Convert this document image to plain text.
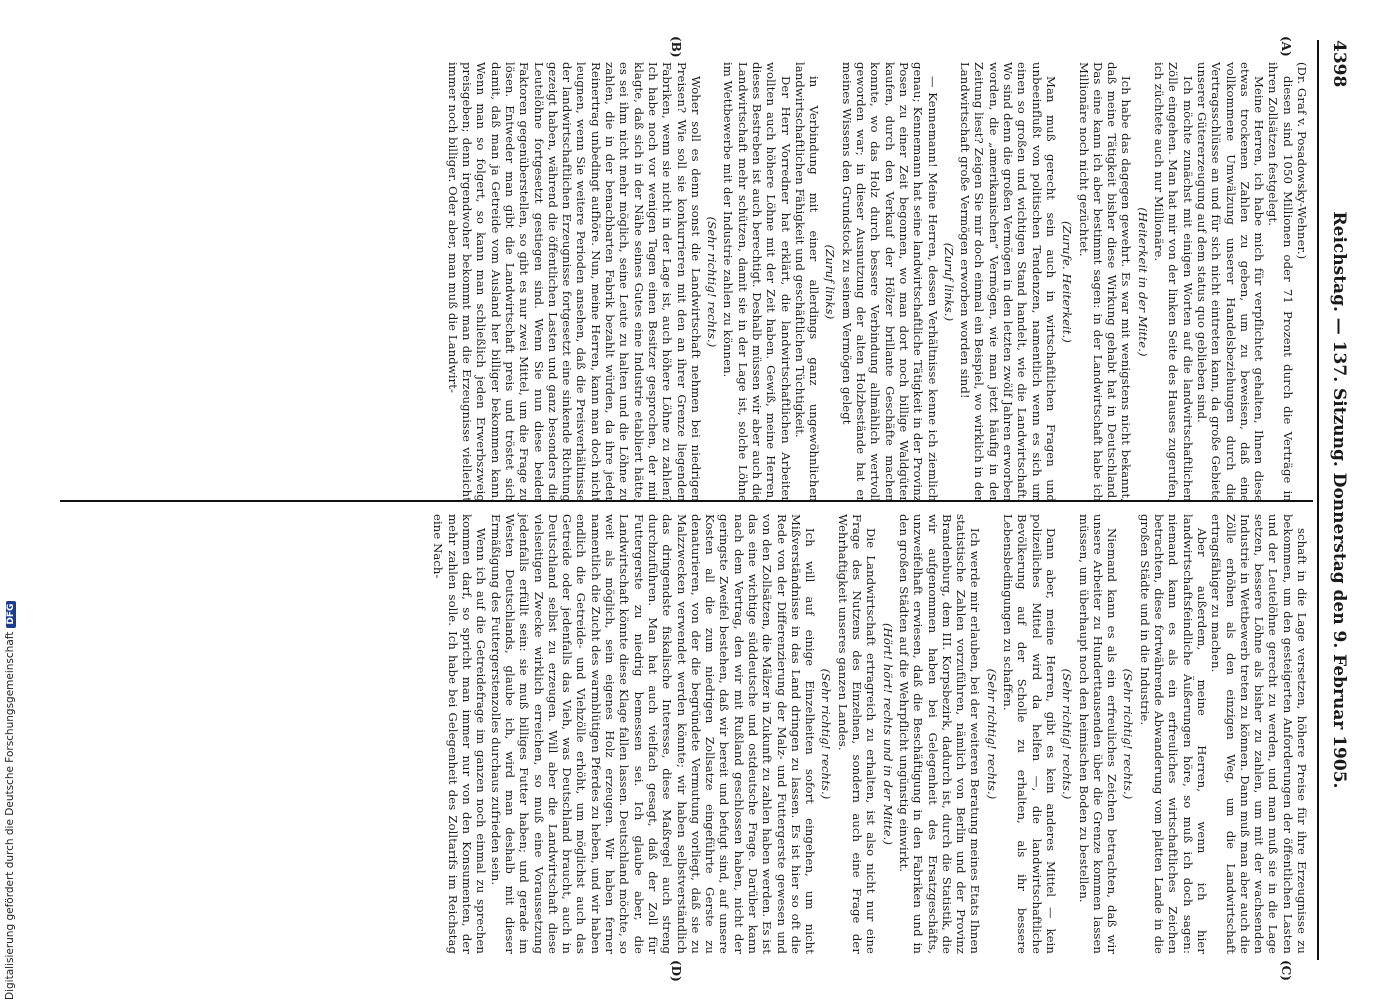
4398
Reichstag. — 137. Sitzung. Donnerstag den 9. Februar 1905.
(A)
(B)
(C)
(D)

(Dr. Graf v. Posadowsky-Wehner.)

diesen sind 1050 Millionen oder 71 Prozent durch die Verträge in ihren Zollsätzen festgelegt.

Meine Herren, ich habe mich für verpflichtet gehalten, Ihnen diese etwas trockenen Zahlen zu geben, um zu beweisen, daß eine vollkommene Umwälzung unserer Handelsbeziehungen durch die Vertragsschlüsse an und für sich nicht eintreten kann, da große Gebiete unserer Gütererzeugung auf dem status quo geblieben sind.

Ich möchte zunächst mit einigen Worten auf die landwirtschaftlichen Zölle eingehen. Man hat mir von der linken Seite des Hauses zugerufen, ich züchtete auch nur Millionäre.

(Heiterkeit in der Mitte.)

Ich habe das dagegen gewehrt. Es war mit wenigstens nicht bekannt, daß meine Tätigkeit bisher diese Wirkung gehabt hat in Deutschland. Das eine kann ich aber bestimmt sagen: in der Landwirtschaft habe ich Millionäre noch nicht gezüchtet.

(Zurufe. Heiterkeit.)

Man muß gerecht sein auch in wirtschaftlichen Fragen und unbeeinflußt von politischen Tendenzen, namentlich wenn es sich um einen so großen und wichtigen Stand handelt, wie die Landwirtschaft. Wo sind denn die großen Vermögen in den letzten zwölf Jahren erworben worden, die „amerikanischen“ Vermögen, wie man jetzt häufig in der Zeitung liest? Zeigen Sie mir doch einmal ein Beispiel, wo wirklich in der Landwirtschaft große Vermögen erworben worden sind!

(Zuruf links.)

— Kennemann! Meine Herren, dessen Verhältnisse kenne ich ziemlich genau; Kennemann hat seine landwirtschaftliche Tätigkeit in der Provinz Posen zu einer Zeit begonnen, wo man dort noch billige Waldgüter kaufen, durch den Verkauf der Hölzer brillante Geschäfte machen konnte, wo das Holz durch bessere Verbindung allmählich wertvoll geworden war; in dieser Ausnutzung der alten Holzbestände hat er meines Wissens den Grundstock zu seinem Vermögen gelegt

(Zuruf links)

in Verbindung mit einer allerdings ganz ungewöhnlichen landwirtschaftlichen Fähigkeit und geschäftlichen Tüchtigkeit.

Der Herr Vorredner hat erklärt, die landwirtschaftlichen Arbeiter wollten auch höhere Löhne mit der Zeit haben. Gewiß, meine Herren, dieses Bestreben ist auch berechtigt. Deshalb müssen wir aber auch die Landwirtschaft mehr schützen, damit sie in der Lage ist, solche Löhne im Wettbewerbe mit der Industrie zahlen zu können.

(Sehr richtig! rechts.)

Woher soll es denn sonst die Landwirtschaft nehmen bei niedrigen Preisen? Wie soll sie konkurrieren mit den an ihrer Grenze liegenden Fabriken, wenn sie nicht in der Lage ist, auch höhere Löhne zu zahlen? Ich habe noch vor wenigen Tagen einen Besitzer gesprochen, der mir klagte, daß sich in der Nähe seines Gutes eine Industrie etabliert hätte, es sei ihm nicht mehr möglich, seine Leute zu halten und die Löhne zu zahlen, die in der benachbarten Fabrik bezahlt würden, da ihre jeder Reinertrag unbedingt aufhöre. Nun, meine Herren, kann man doch nicht leugnen, wenn Sie weitere Perioden ansehen, daß die Preisverhältnisse der landwirtschaftlichen Erzeugnisse fortgesetzt eine sinkende Richtung gezeigt haben, während die öffentlichen Lasten und ganz besonders die Leutelöhne fortgesetzt gestiegen sind. Wenn Sie nun diese beiden Faktoren gegenüberstellen, so gibt es nur zwei Mittel, um die Frage zu lösen. Entweder man gibt die Landwirtschaft preis und tröstet sich damit, daß man ja Getreide vom Ausland her billiger bekommen kann. Wenn man so folgert, so kann man schließlich jeden Erwerbszweig preisgeben; denn irgendwoher bekommt man die Erzeugnisse vielleicht immer noch billiger. Oder aber, man muß die Landwirt-

schaft in die Lage versetzen, höhere Preise für ihre Erzeugnisse zu bekommen, um den gesteigerten Anforderungen der öffentlichen Lasten und der Leutelöhne gerecht zu werden, und man muß sie in die Lage setzen, bessere Löhne als bisher zu zahlen, um mit der wachsenden Industrie in Wettbewerb treten zu können. Dann muß man aber auch die Zölle erhöhen als den einzigen Weg, um die Landwirtschaft ertragsfähiger zu machen.

Aber außerdem, meine Herren, wenn ich hier landwirtschaftsfeindliche Äußerungen höre, so muß ich doch sagen: niemand kann es als ein erfreuliches wirtschaftliches Zeichen betrachten, diese fortwährende Abwanderung vom platten Lande in die großen Städte und in die Industrie.

(Sehr richtig! rechts.)

Niemand kann es als ein erfreuliches Zeichen betrachten, daß wir unsere Arbeiter zu Hunderttausenden über die Grenze kommen lassen müssen, um überhaupt noch den heimischen Boden zu bestellen.

(Sehr richtig! rechts.)

Dann aber, meine Herren, gibt es kein anderes Mittel — kein polizeiliches Mittel wird da helfen —, die landwirtschaftliche Bevölkerung auf der Scholle zu erhalten, als ihr bessere Lebensbedingungen zu schaffen.

(Sehr richtig! rechts.)

Ich werde mir erlauben, bei der weiteren Beratung meines Etats Ihnen statistische Zahlen vorzuführen, nämlich von Berlin und der Provinz Brandenburg, dem III. Korpsbezirk, dadurch ist, durch die Statistik, die wir aufgenommen haben bei Gelegenheit des Ersatzgeschäfts, unzweifelhaft erwiesen, daß die Beschäftigung in den Fabriken und in den großen Städten auf die Wehrpflicht ungünstig einwirkt.

(Hört! hört! rechts und in der Mitte.)

Die Landwirtschaft ertragreich zu erhalten, ist also nicht nur eine Frage des Nutzens des Einzelnen, sondern auch eine Frage der Wehrhaftigkeit unseres ganzen Landes.

(Sehr richtig! rechts.)

Ich will auf einige Einzelheiten sofort eingehen, um nicht Mißverständnisse in das Land dringen zu lassen. Es ist hier so oft die Rede von der Differenzierung der Malz- und Futtergerste gewesen und von den Zollsätzen, die Mälzer in Zukunft zu zahlen haben werden. Es ist das eine wichtige süddeutsche und ostdeutsche Frage. Darüber kann nach dem Vertrag, den wir mit Rußland geschlossen haben, nicht der geringste Zweifel bestehen, daß wir bereit und befugt sind, auf unsere Kosten all die zum niedrigen Zollsatze eingeführte Gerste zu denaturieren, von der die begründete Vermutung vorliegt, daß sie zu Malzzwecken verwendet werden könnte; wir haben selbstverständlich das dringendste fiskalische Interesse, diese Maßregel auch streng durchzuführen. Man hat auch vielfach gesagt, daß der Zoll für Futtergerste zu niedrig bemessen sei. Ich glaube aber, die Landwirtschaft könnte diese Klage fallen lassen. Deutschland möchte, so weit als möglich, sein eigenes Holz erzeugen. Wir haben ferner namentlich die Zucht des warmblütigen Pferdes zu heben, und wir haben endlich die Getreide- und Viehzölle erhöht, um möglichst auch das Getreide oder jedenfalls das Vieh, was Deutschland braucht, auch in Deutschland selbst zu erzeugen. Will aber die Landwirtschaft diese vielseitigen Zwecke wirklich erreichen, so muß eine Voraussetzung jedenfalls erfüllt sein: sie muß billiges Futter haben; und gerade im Westen Deutschlands, glaube ich, wird man deshalb mit dieser Ermäßigung des Futtergerstenzolles durchaus zufrieden sein.

Wenn ich auf die Getreidefrage im ganzen noch einmal zu sprechen kommen darf, so spricht man immer nur von den Konsumenten, der mehr zahlen solle. Ich habe bei Gelegenheit des Zolltarifs im Reichstag eine Nach-

Digitalisierung gefördert durch die Deutsche ForschungsgemeinschaftDFG
